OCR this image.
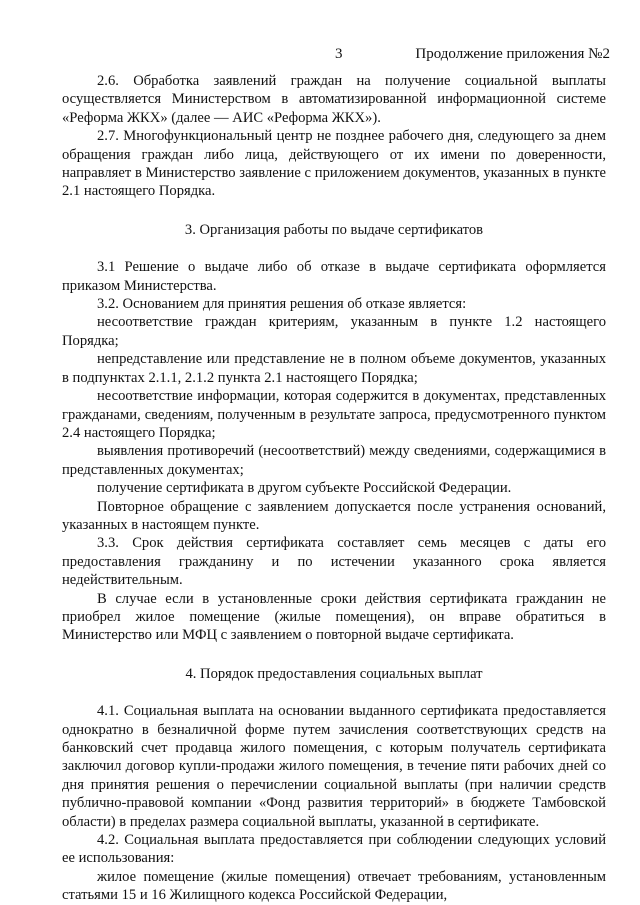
3	Продолжение приложения №2

2.6. Обработка заявлений граждан на получение социальной выплаты осуществляется Министерством в автоматизированной информационной системе «Реформа ЖКХ» (далее — АИС «Реформа ЖКХ»).

2.7. Многофункциональный центр не позднее рабочего дня, следующего за днем обращения граждан либо лица, действующего от их имени по доверенности, направляет в Министерство заявление с приложением документов, указанных в пункте 2.1 настоящего Порядка.

3. Организация работы по выдаче сертификатов

3.1 Решение о выдаче либо об отказе в выдаче сертификата оформляется приказом Министерства.

3.2. Основанием для принятия решения об отказе является:

несоответствие граждан критериям, указанным в пункте 1.2 настоящего Порядка;

непредставление или представление не в полном объеме документов, указанных в подпунктах 2.1.1, 2.1.2 пункта 2.1 настоящего Порядка;

несоответствие информации, которая содержится в документах, представленных гражданами, сведениям, полученным в результате запроса, предусмотренного пунктом 2.4 настоящего Порядка;

выявления противоречий (несоответствий) между сведениями, содержащимися в представленных документах;

получение сертификата в другом субъекте Российской Федерации.

Повторное обращение с заявлением допускается после устранения оснований, указанных в настоящем пункте.

3.3. Срок действия сертификата составляет семь месяцев с даты его предоставления гражданину и по истечении указанного срока является недействительным.

В случае если в установленные сроки действия сертификата гражданин не приобрел жилое помещение (жилые помещения), он вправе обратиться в Министерство или МФЦ с заявлением о повторной выдаче сертификата.

4. Порядок предоставления социальных выплат

4.1. Социальная выплата на основании выданного сертификата предоставляется однократно в безналичной форме путем зачисления соответствующих средств на банковский счет продавца жилого помещения, с которым получатель сертификата заключил договор купли-продажи жилого помещения, в течение пяти рабочих дней со дня принятия решения о перечислении социальной выплаты (при наличии средств публично-правовой компании «Фонд развития территорий» в бюджете Тамбовской области) в пределах размера социальной выплаты, указанной в сертификате.

4.2. Социальная выплата предоставляется при соблюдении следующих условий ее использования:

жилое помещение (жилые помещения) отвечает требованиям, установленным статьями 15 и 16 Жилищного кодекса Российской Федерации,
